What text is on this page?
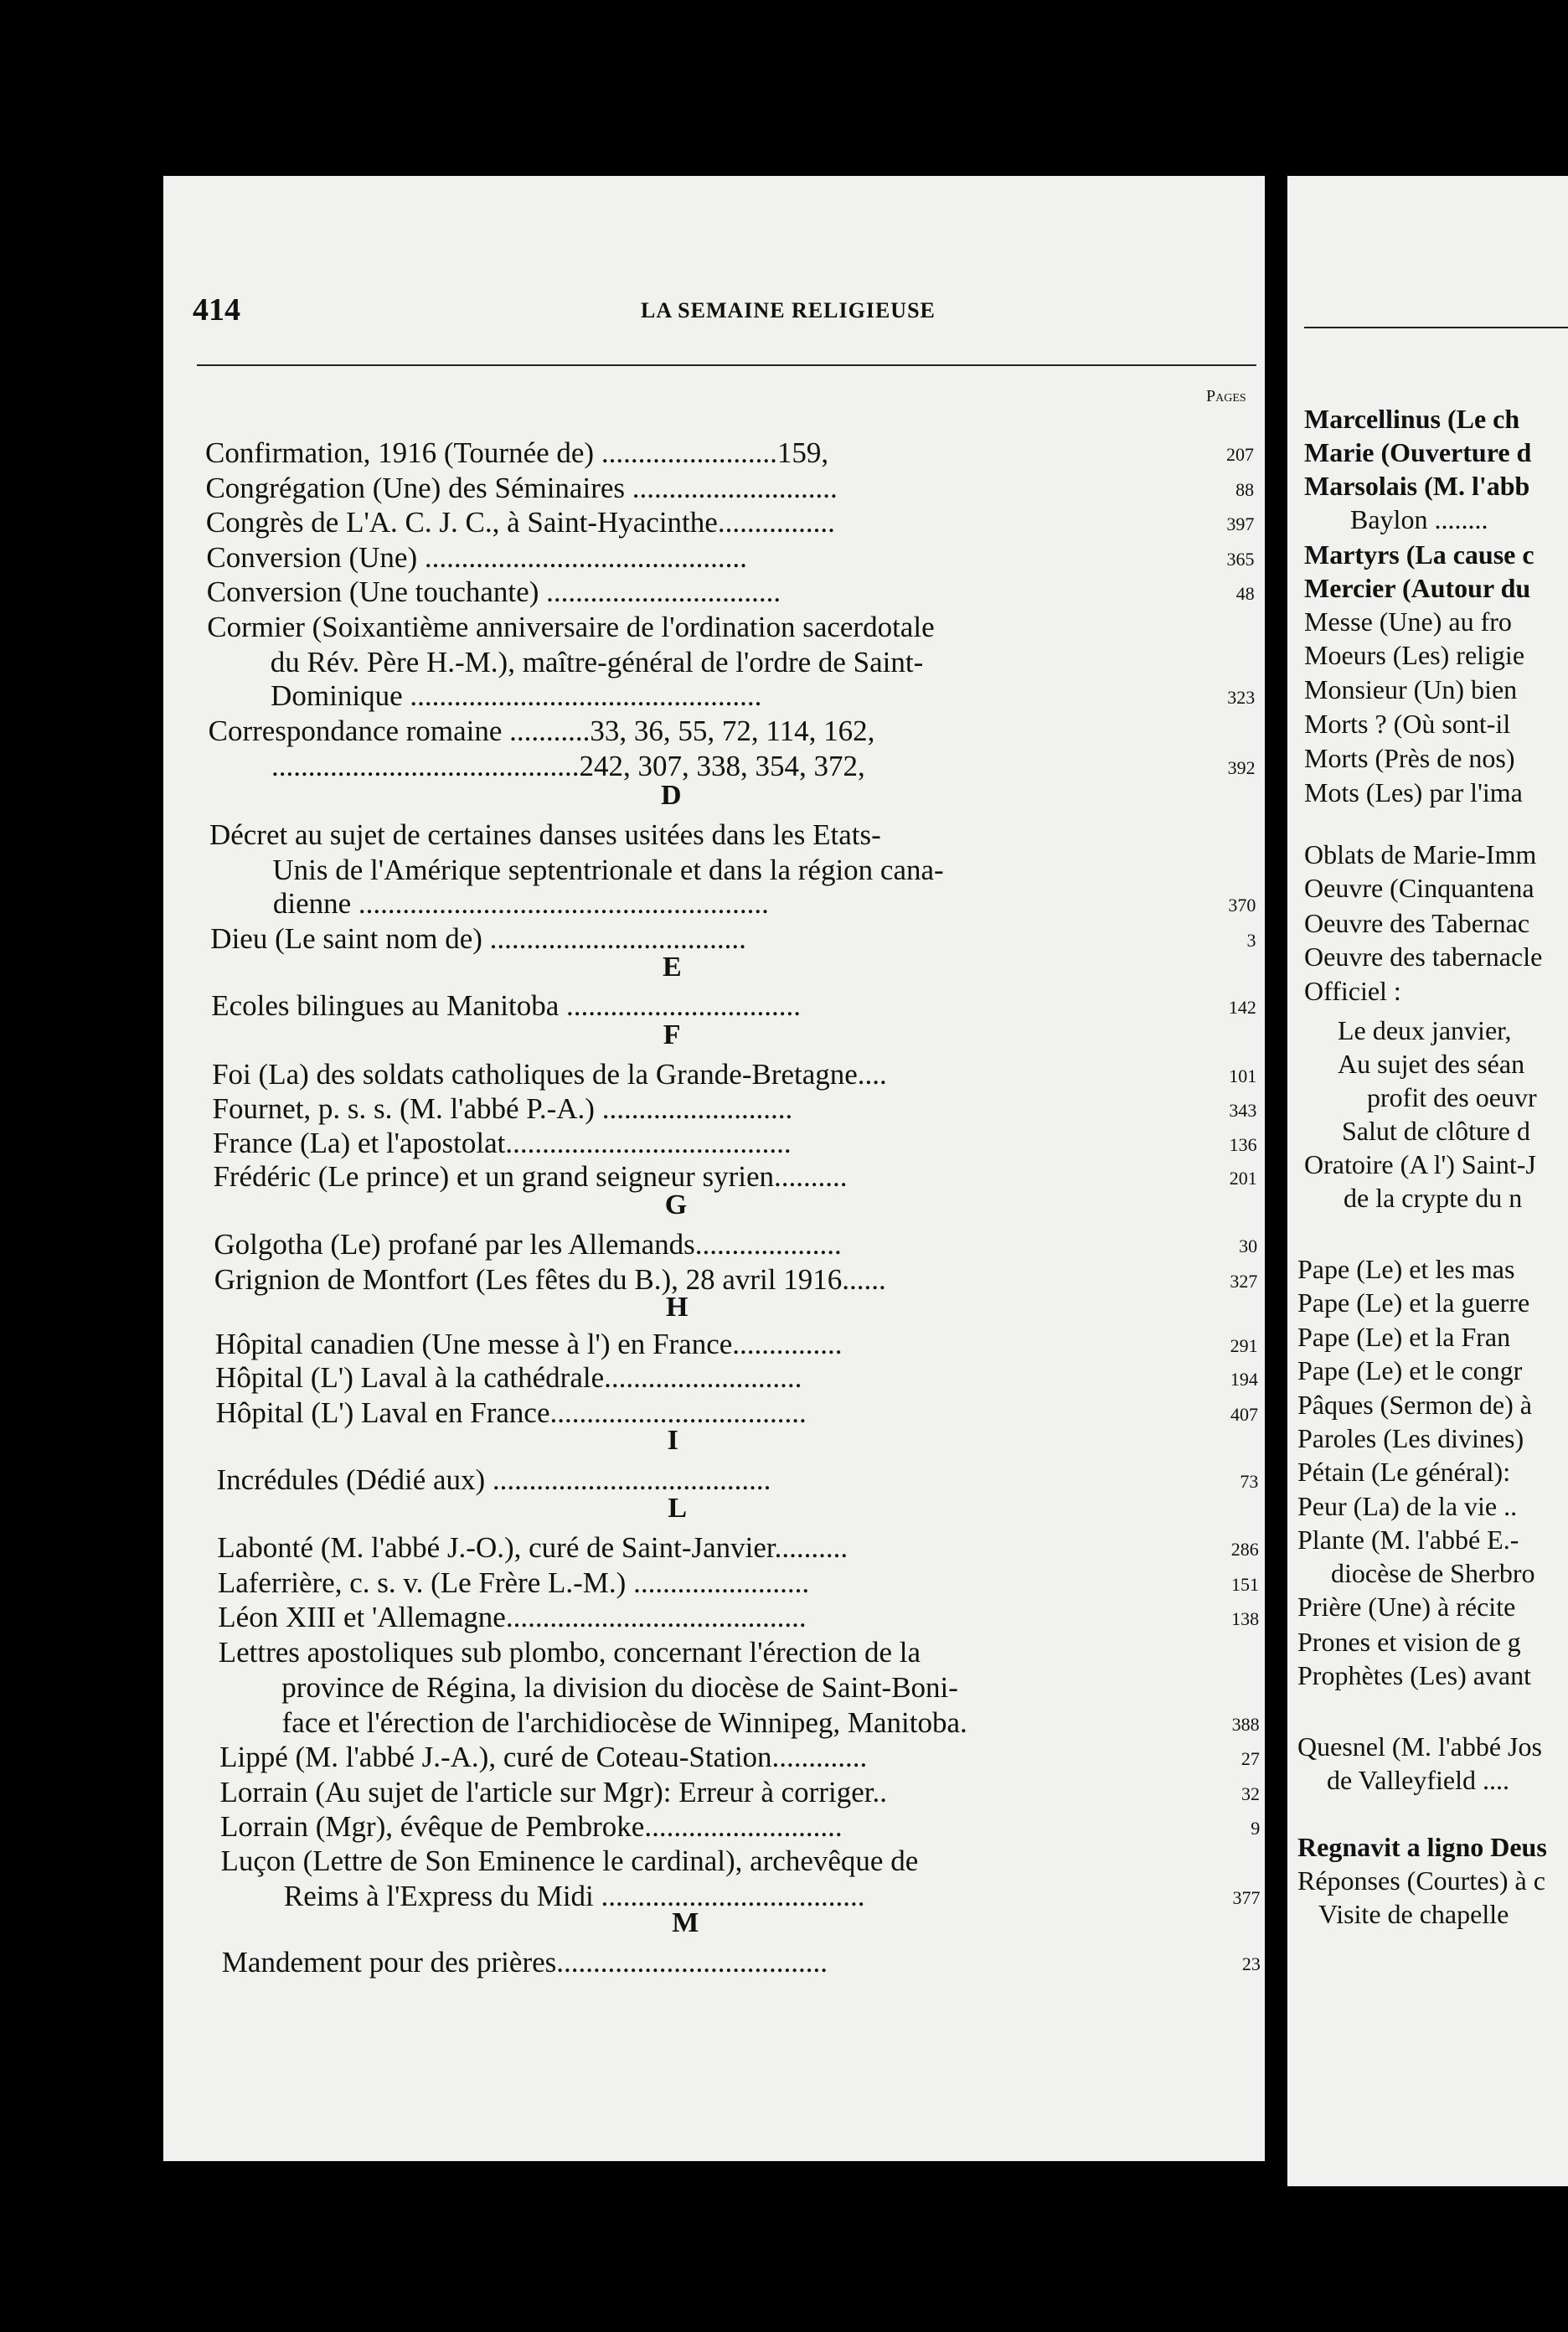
414	LA SEMAINE RELIGIEUSE
Pages
Confirmation, 1916 (Tournée de) ........................159,	207
Congrégation (Une) des Séminaires ............................	88
Congrès de L'A. C. J. C., à Saint-Hyacinthe................	397
Conversion (Une) ............................................	365
Conversion (Une touchante) ................................	48
Cormier (Soixantième anniversaire de l'ordination sacerdotale
du Rév. Père H.-M.), maître-général de l'ordre de Saint-
Dominique ................................................	323
Correspondance romaine ...........33, 36, 55, 72, 114, 162,
..........................................242, 307, 338, 354, 372,	392
D
Décret au sujet de certaines danses usitées dans les Etats-
Unis de l'Amérique septentrionale et dans la région cana-
dienne ........................................................	370
Dieu (Le saint nom de) ...................................	3
E
Ecoles bilingues au Manitoba ................................	142
F
Foi (La) des soldats catholiques de la Grande-Bretagne....	101
Fournet, p. s. s. (M. l'abbé P.-A.) ..........................	343
France (La) et l'apostolat.......................................	136
Frédéric (Le prince) et un grand seigneur syrien..........	201
G
Golgotha (Le) profané par les Allemands....................	30
Grignion de Montfort (Les fêtes du B.), 28 avril 1916......	327
H
Hôpital canadien (Une messe à l') en France...............	291
Hôpital (L') Laval à la cathédrale...........................	194
Hôpital (L') Laval en France...................................	407
I
Incrédules (Dédié aux) ......................................	73
L
Labonté (M. l'abbé J.-O.), curé de Saint-Janvier..........	286
Laferrière, c. s. v. (Le Frère L.-M.) ........................	151
Léon XIII et 'Allemagne.........................................	138
Lettres apostoliques sub plombo, concernant l'érection de la
province de Régina, la division du diocèse de Saint-Boni-
face et l'érection de l'archidiocèse de Winnipeg, Manitoba.	388
Lippé (M. l'abbé J.-A.), curé de Coteau-Station.............	27
Lorrain (Au sujet de l'article sur Mgr): Erreur à corriger..	32
Lorrain (Mgr), évêque de Pembroke...........................	9
Luçon (Lettre de Son Eminence le cardinal), archevêque de
Reims à l'Express du Midi ....................................	377
M
Mandement pour des prières.....................................	23
Marcellinus (Le ch
Marie (Ouverture d
Marsolais (M. l'abb
Baylon ........
Martyrs (La cause c
Mercier (Autour du
Messe (Une) au fro
Moeurs (Les) religie
Monsieur (Un) bien
Morts ? (Où sont-il
Morts (Près de nos)
Mots (Les) par l'ima
Oblats de Marie-Imm
Oeuvre (Cinquantena
Oeuvre des Tabernac
Oeuvre des tabernacle
Officiel :
Le deux janvier,
Au sujet des séan
profit des oeuvr
Salut de clôture d
Oratoire (A l') Saint-J
de la crypte du n
Pape (Le) et les mas
Pape (Le) et la guerre
Pape (Le) et la Fran
Pape (Le) et le congr
Pâques (Sermon de) à
Paroles (Les divines)
Pétain (Le général):
Peur (La) de la vie ..
Plante (M. l'abbé E.-
diocèse de Sherbro
Prière (Une) à récite
Prones et vision de g
Prophètes (Les) avant
Quesnel (M. l'abbé Jos
de Valleyfield ....
Regnavit a ligno Deus
Réponses (Courtes) à c
Visite de chapelle
